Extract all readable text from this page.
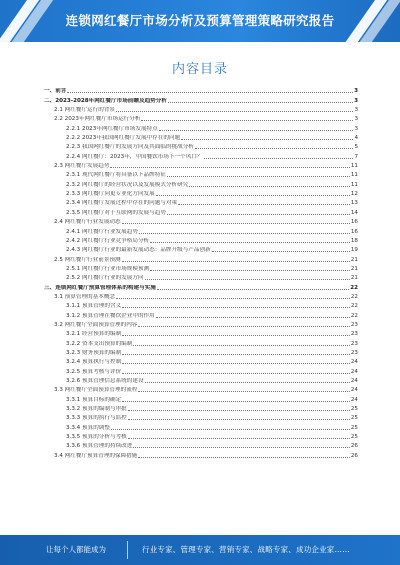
连锁网红餐厅市场分析及预算管理策略研究报告
内容目录
一、前言	3
二、2023-2028年网红餐厅市场前瞻及趋势分析	3
2.1 网红餐厅运行的背景	3
2.2 2023年网红餐厅市场运行分析	3
2.2.1 2023年网红餐厅市场发展特点	3
2.2.2 2023年我国网红餐厅发展中存在的问题	4
2.2.3 我国网红餐厅的发展方向及其面临的挑战分析	5
2.2.4 网红餐厅：2023年，中国餐饮市场下一个风口？	7
2.3 网红餐厅发展趋势	11
2.3.1 现代网红餐厅将具备以下品牌特征	11
2.3.2 网红餐厅的经营状况以及发展模式分析研究	11
2.3.3 网红餐厅向更专业化方向发展	12
2.3.4 网红餐厅发展过程中存在的问题与对策	13
2.3.5 网红餐厅对于互联网的发展与趋势	14
2.4 网红餐厅行业发展动态	16
2.4.1 网红餐厅行业发展趋势	16
2.4.2 网红餐厅行业竞争格局分析	18
2.4.3 网红餐厅行业的最新发展动态：品牌升级与产品创新	19
2.5 网红餐厅行业前景预测	21
2.5.1 网红餐厅行业市场规模预测	21
2.5.2 网红餐厅行业的发展方向	21
三、连锁网红餐厅预算管理体系的构建与实施	22
3.1 预算管理的基本概念	22
3.1.1 预算管理的含义	22
3.1.2 预算管理在餐饮企业中的作用	22
3.2 网红餐厅全面预算管理的内容	23
3.2.1 经营预算的编制	23
3.2.2 资本支出预算的编制	23
3.2.3 财务预算的编制	23
3.2.4 预算执行与控制	24
3.2.5 预算考核与评价	24
3.2.6 预算管理信息系统的建设	24
3.3 网红餐厅全面预算管理的流程	24
3.3.1 预算目标的确定	24
3.3.2 预算的编制与审批	25
3.3.3 预算的执行与监控	25
3.3.4 预算的调整	25
3.3.5 预算的分析与考核	25
3.3.6 预算管理的持续改进	26
3.4 网红餐厅预算管理的保障措施	26
让每个人都能成为	行业专家、管理专家、营销专家、战略专家、成功企业家……
